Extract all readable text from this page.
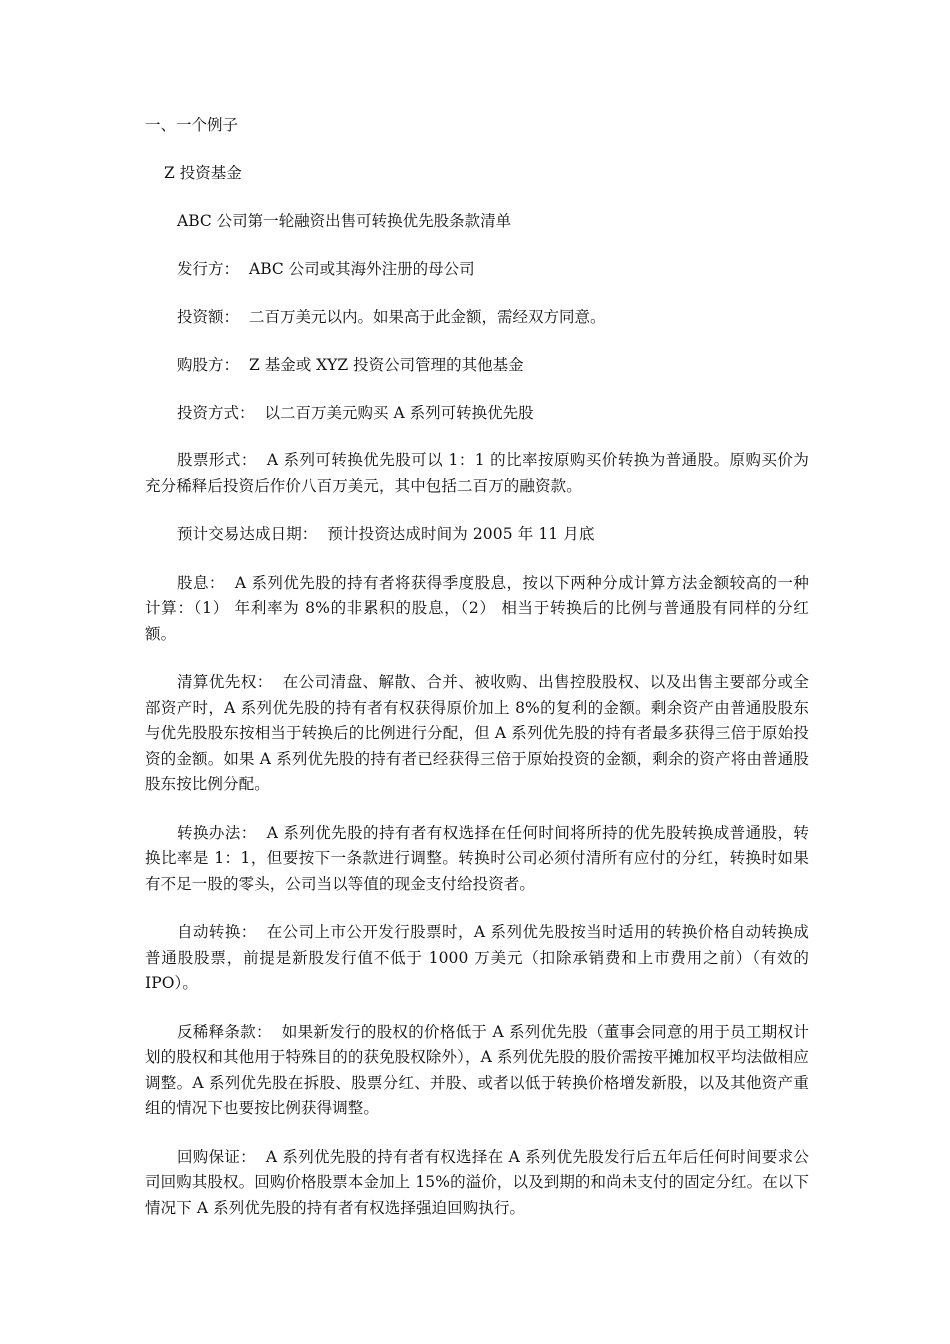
一、一个例子
Z 投资基金
ABC 公司第一轮融资出售可转换优先股条款清单
发行方： ABC 公司或其海外注册的母公司
投资额： 二百万美元以内。如果高于此金额，需经双方同意。
购股方： Z 基金或 XYZ 投资公司管理的其他基金
投资方式： 以二百万美元购买 A 系列可转换优先股
股票形式： A 系列可转换优先股可以 1：1 的比率按原购买价转换为普通股。原购买价为充分稀释后投资后作价八百万美元，其中包括二百万的融资款。
预计交易达成日期： 预计投资达成时间为 2005 年 11 月底
股息： A 系列优先股的持有者将获得季度股息，按以下两种分成计算方法金额较高的一种计算：（1） 年利率为 8%的非累积的股息，（2） 相当于转换后的比例与普通股有同样的分红额。
清算优先权： 在公司清盘、解散、合并、被收购、出售控股股权、以及出售主要部分或全部资产时，A 系列优先股的持有者有权获得原价加上 8%的复利的金额。剩余资产由普通股股东与优先股股东按相当于转换后的比例进行分配，但 A 系列优先股的持有者最多获得三倍于原始投资的金额。如果 A 系列优先股的持有者已经获得三倍于原始投资的金额，剩余的资产将由普通股股东按比例分配。
转换办法： A 系列优先股的持有者有权选择在任何时间将所持的优先股转换成普通股，转换比率是 1：1，但要按下一条款进行调整。转换时公司必须付清所有应付的分红，转换时如果有不足一股的零头，公司当以等值的现金支付给投资者。
自动转换： 在公司上市公开发行股票时，A 系列优先股按当时适用的转换价格自动转换成普通股股票，前提是新股发行值不低于 1000 万美元（扣除承销费和上市费用之前）（有效的 IPO）。
反稀释条款： 如果新发行的股权的价格低于 A 系列优先股（董事会同意的用于员工期权计划的股权和其他用于特殊目的的获免股权除外），A 系列优先股的股价需按平摊加权平均法做相应调整。A 系列优先股在拆股、股票分红、并股、或者以低于转换价格增发新股，以及其他资产重组的情况下也要按比例获得调整。
回购保证： A 系列优先股的持有者有权选择在 A 系列优先股发行后五年后任何时间要求公司回购其股权。回购价格股票本金加上 15%的溢价，以及到期的和尚未支付的固定分红。在以下情况下 A 系列优先股的持有者有权选择强迫回购执行。
